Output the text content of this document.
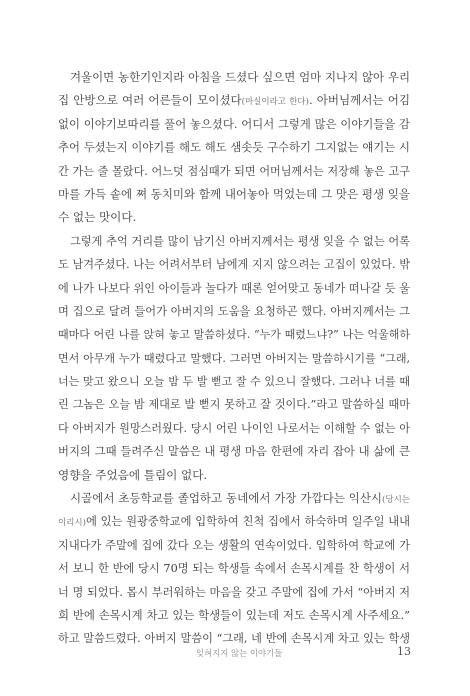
겨울이면 농한기인지라 아침을 드셨다 싶으면 엄마 지나지 않아 우리

집 안방으로 여러 어른들이 모이셨다(마실이라고 한다). 아버님께서는 어김

없이 이야기보따리를 풀어 놓으셨다. 어디서 그렇게 많은 이야기들을 감

추어 두셨는지 이야기를 해도 해도 샘솟듯 구수하기 그지없는 얘기는 시

간 가는 줄 몰랐다. 어느덧 점심때가 되면 어머님께서는 저장해 놓은 고구

마를 가득 솥에 쪄 동치미와 함께 내어놓아 먹었는데 그 맛은 평생 잊을

수 없는 맛이다.

그렇게 추억 거리를 많이 남기신 아버지께서는 평생 잊을 수 없는 어록

도 남겨주셨다. 나는 어려서부터 남에게 지지 않으려는 고집이 있었다. 밖

에 나가 나보다 위인 아이들과 놀다가 때론 얻어맞고 동네가 떠나갈 듯 울

며 집으로 달려 들어가 아버지의 도움을 요청하곤 했다. 아버지께서는 그

때마다 어린 나를 앉혀 놓고 말씀하셨다. “누가 때렸느냐?” 나는 억울해하

면서 아무개 누가 때렸다고 말했다. 그러면 아버지는 말씀하시기를 “그래,

너는 맞고 왔으니 오늘 밤 두 발 뻗고 잘 수 있으니 잘했다. 그러나 너를 때

린 그놈은 오늘 밤 제대로 발 뻗지 못하고 잘 것이다.”라고 말씀하실 때마

다 아버지가 원망스러웠다. 당시 어린 나이인 나로서는 이해할 수 없는 아

버지의 그때 들려주신 말씀은 내 평생 마음 한편에 자리 잡아 내 삶에 큰

영향을 주었음에 틀림이 없다.

시골에서 초등학교를 졸업하고 동네에서 가장 가깝다는 익산시(당시는

이리시)에 있는 원광중학교에 입학하여 친척 집에서 하숙하며 일주일 내내

지내다가 주말에 집에 갔다 오는 생활의 연속이었다. 입학하여 학교에 가

서 보니 한 반에 당시 70명 되는 학생들 속에서 손목시계를 찬 학생이 서

너 명 되었다. 몹시 부러워하는 마음을 갖고 주말에 집에 가서 “아버지 저

희 반에 손목시계 차고 있는 학생들이 있는데 저도 손목시계 사주세요.”

하고 말씀드렸다. 아버지 말씀이 “그래, 네 반에 손목시계 차고 있는 학생

잊혀지지 않는 이야기들	13
